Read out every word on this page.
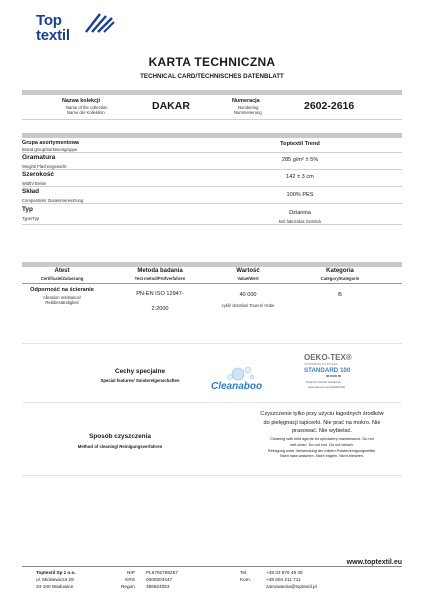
Top
textil
KARTA TECHNICZNA
TECHNICAL CARD/TECHNISCHES DATENBLATT
Nazwa kolekcji
Name of the collection
Name der Kollektion
DAKAR	Numeracja
Numbering
Nummerierung
2602-2616
Grupa asortymentowa
Brand group/Sortimentgruppe
Toptextil Trend
Gramatura
Weight/ Flächengewicht
285 g/m² ± 5%
Szerokość
Width/ Breite
142 ± 3 cm
Skład
Composition/ Zusammensetzung
100% PES
Typ
Type/Typ
Dzianina
knit fabric/das Gestrick
Atest
Certificate/Zulassung
Metoda badania
Test metod/Prüfverfahren
Wartość
Value/Wert
Kategoria
Category/Kategorie
Odporność na ścieranie
Abrasion resistance/
Reibbeständigkeit
PN-EN ISO 12947-
2:2000
40 000
cykli/ obrotów/ Touren/ Hübe
B
Cechy specjalne
Special features/ Sonderelgenschaften
Cleanaboo
OEKO-TEX®
CONFIDENCE IN TEXTILES
STANDARD 100
IW 00160 IW
Tested for harmful substances.
www.oeko-tex.com/standard100
Sposób czyszczenia
Method of cleaning/ Reinigungsverfahren
Czyszczenie tylko przy użyciu łagodnych środków
do pielęgnacji tapicerki. Nie prać na mokro. Nie
prasować. Nie wybielać.
Cleaning with mild agents for upholstery maintenance. Do not
wet-clean. Do not iron. Do not bleach.
Reinigung unter Verwendung der milden Polsterreinigungsmittel.
Nicht nass waschen. Nicht bügeln. Nicht bleichen.
www.toptextil.eu
Toptextil Sp z o.o.
ul. Mickiewicza 29
34-100 Wadowice
NIP
KRS
Regon
PL6792798257
0000203447
356824053
Tel.
Kom.
+48 33 876 49 39
+48 604 211 711
zamowienia@toptextil.pl
